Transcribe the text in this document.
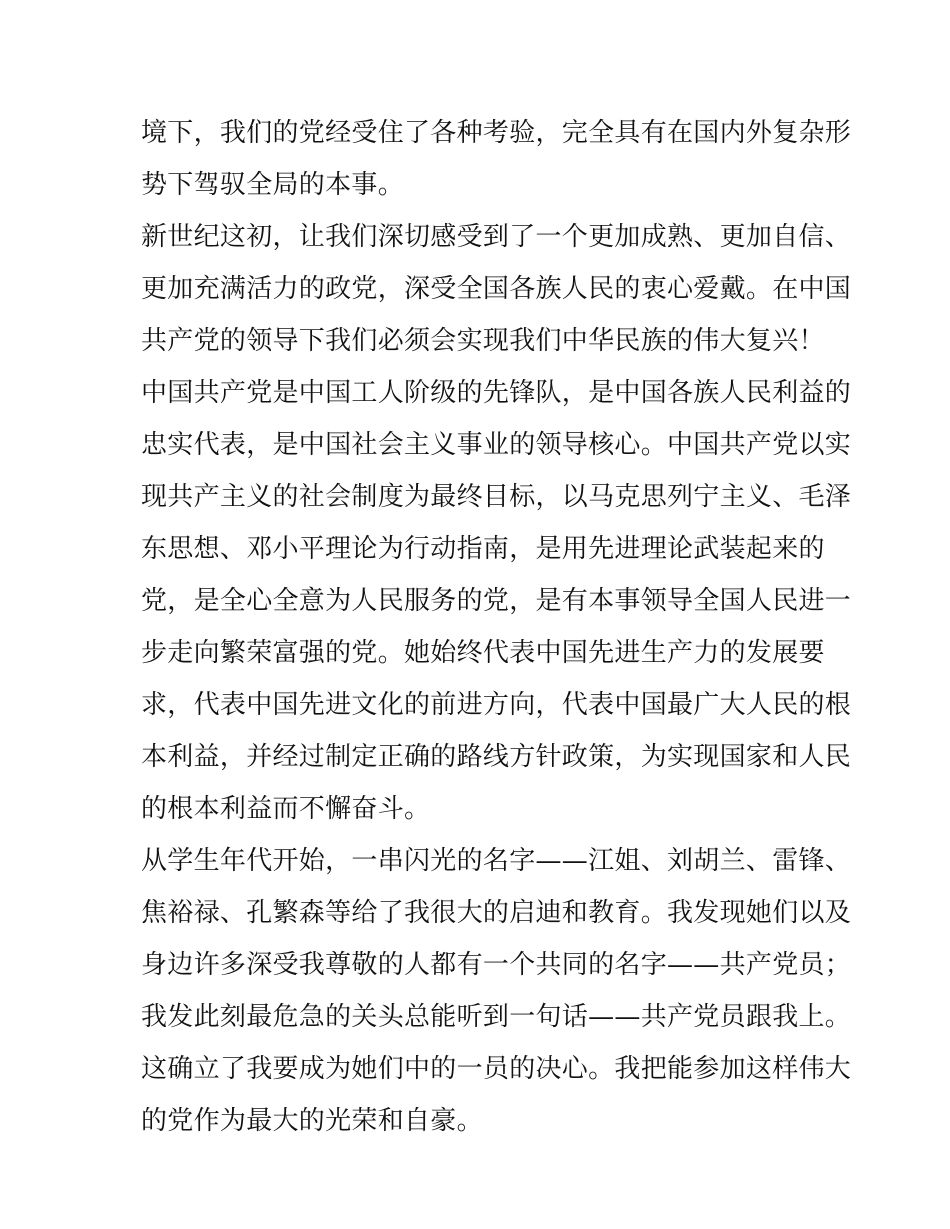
境下，我们的党经受住了各种考验，完全具有在国内外复杂形
势下驾驭全局的本事。
新世纪这初，让我们深切感受到了一个更加成熟、更加自信、
更加充满活力的政党，深受全国各族人民的衷心爱戴。在中国
共产党的领导下我们必须会实现我们中华民族的伟大复兴！
中国共产党是中国工人阶级的先锋队，是中国各族人民利益的
忠实代表，是中国社会主义事业的领导核心。中国共产党以实
现共产主义的社会制度为最终目标，以马克思列宁主义、毛泽
东思想、邓小平理论为行动指南，是用先进理论武装起来的
党，是全心全意为人民服务的党，是有本事领导全国人民进一
步走向繁荣富强的党。她始终代表中国先进生产力的发展要
求，代表中国先进文化的前进方向，代表中国最广大人民的根
本利益，并经过制定正确的路线方针政策，为实现国家和人民
的根本利益而不懈奋斗。
从学生年代开始，一串闪光的名字——江姐、刘胡兰、雷锋、
焦裕禄、孔繁森等给了我很大的启迪和教育。我发现她们以及
身边许多深受我尊敬的人都有一个共同的名字——共产党员；
我发此刻最危急的关头总能听到一句话——共产党员跟我上。
这确立了我要成为她们中的一员的决心。我把能参加这样伟大
的党作为最大的光荣和自豪。
